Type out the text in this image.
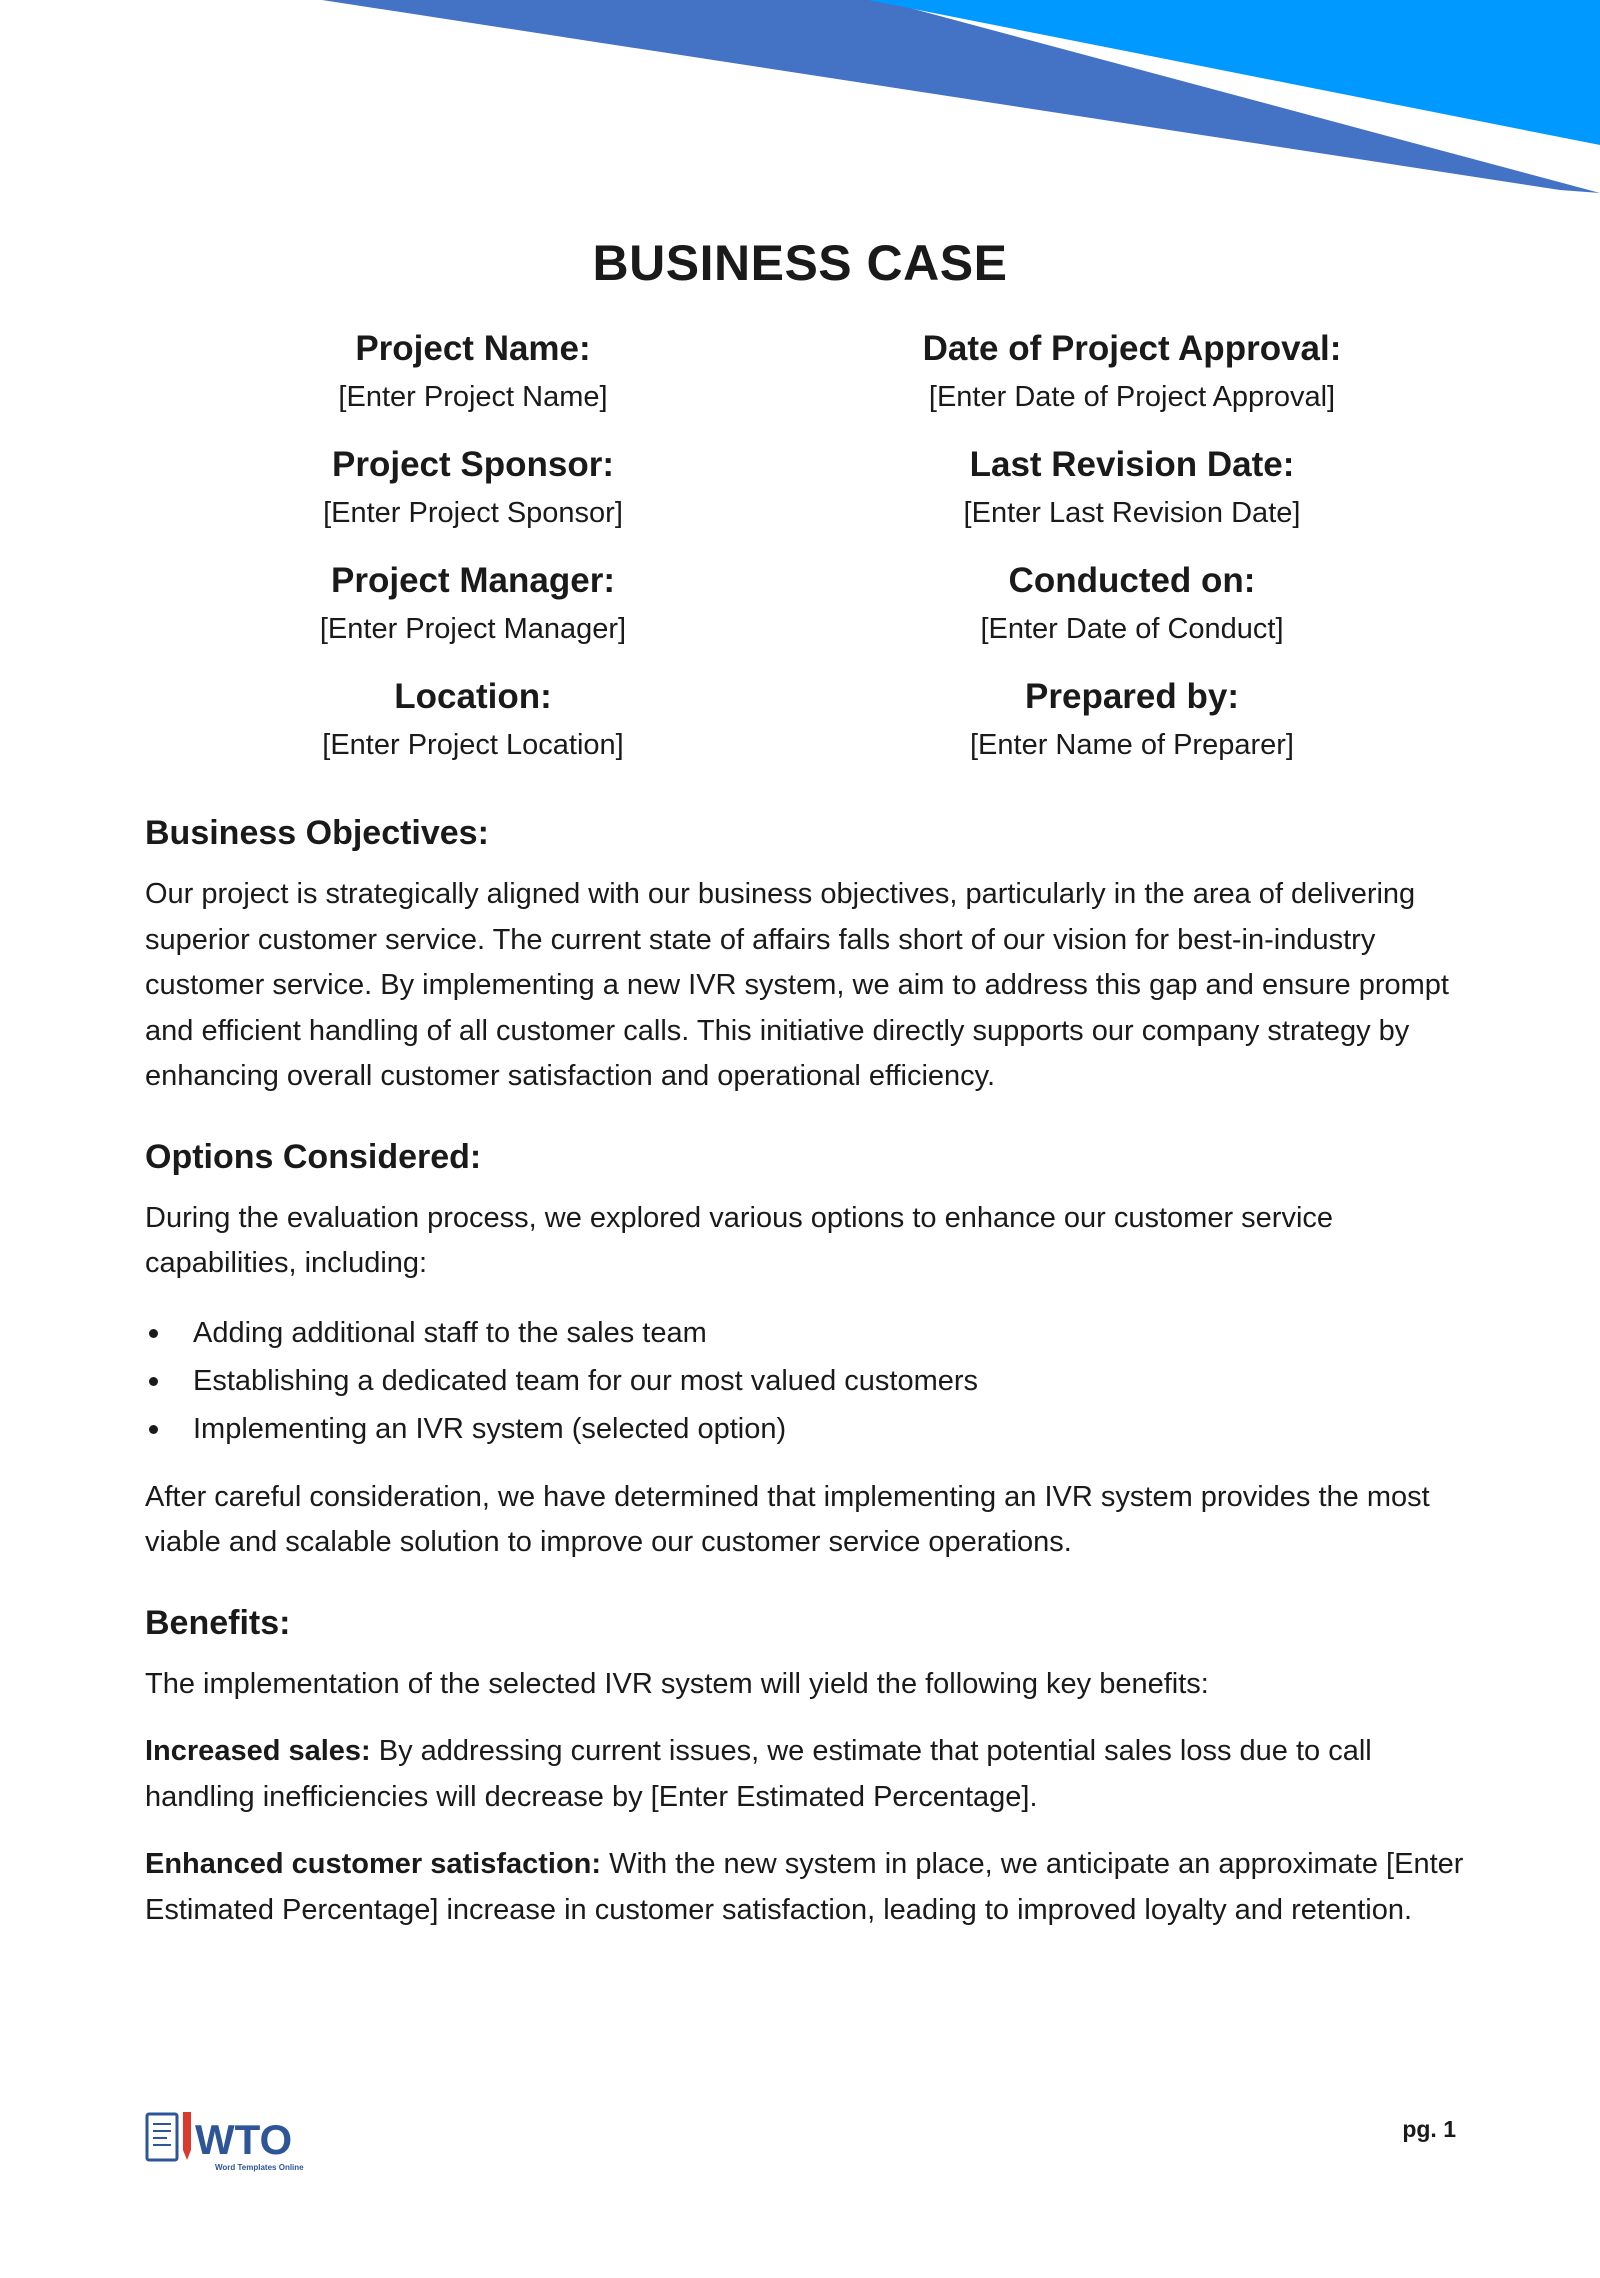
BUSINESS CASE
Project Name:
[Enter Project Name]
Project Sponsor:
[Enter Project Sponsor]
Project Manager:
[Enter Project Manager]
Location:
[Enter Project Location]
Date of Project Approval:
[Enter Date of Project Approval]
Last Revision Date:
[Enter Last Revision Date]
Conducted on:
[Enter Date of Conduct]
Prepared by:
[Enter Name of Preparer]
Business Objectives:

Our project is strategically aligned with our business objectives, particularly in the area of delivering superior customer service. The current state of affairs falls short of our vision for best-in-industry customer service. By implementing a new IVR system, we aim to address this gap and ensure prompt and efficient handling of all customer calls. This initiative directly supports our company strategy by enhancing overall customer satisfaction and operational efficiency.

Options Considered:

During the evaluation process, we explored various options to enhance our customer service capabilities, including:

Adding additional staff to the sales team
Establishing a dedicated team for our most valued customers
Implementing an IVR system (selected option)

After careful consideration, we have determined that implementing an IVR system provides the most viable and scalable solution to improve our customer service operations.

Benefits:

The implementation of the selected IVR system will yield the following key benefits:

Increased sales: By addressing current issues, we estimate that potential sales loss due to call handling inefficiencies will decrease by [Enter Estimated Percentage].

Enhanced customer satisfaction: With the new system in place, we anticipate an approximate [Enter Estimated Percentage] increase in customer satisfaction, leading to improved loyalty and retention.

WTO
Word Templates Online
pg. 1
